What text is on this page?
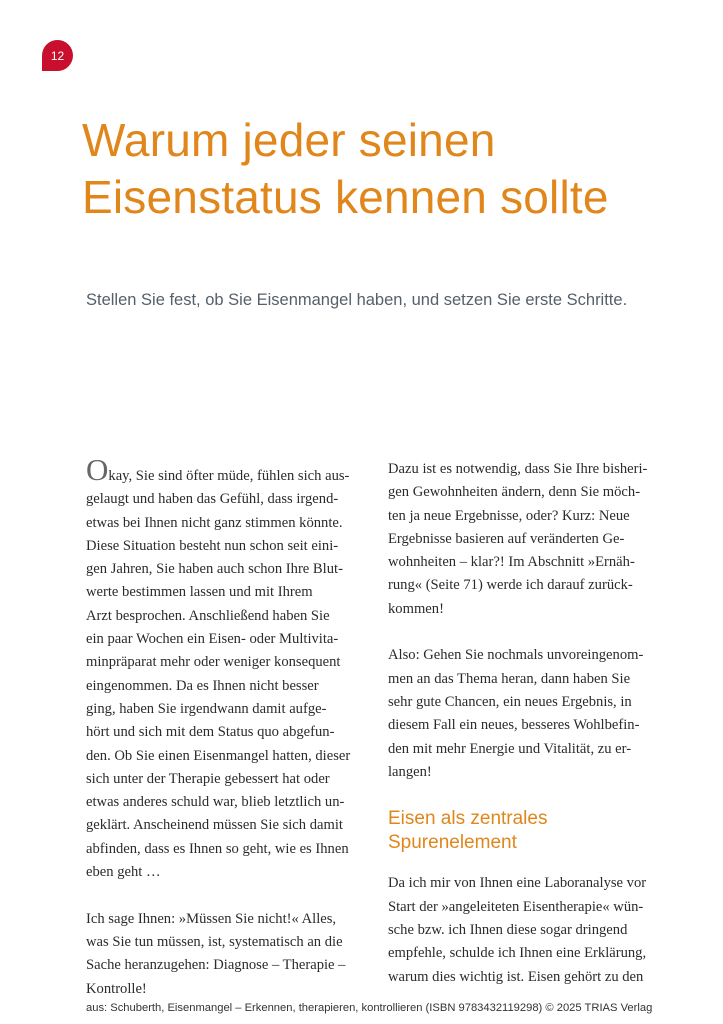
12
Warum jeder seinen
Eisenstatus kennen sollte

Stellen Sie fest, ob Sie Eisenmangel haben, und setzen Sie erste Schritte.

Okay, Sie sind öfter müde, fühlen sich aus-
gelaugt und haben das Gefühl, dass irgend-
etwas bei Ihnen nicht ganz stimmen könnte.
Diese Situation besteht nun schon seit eini-
gen Jahren, Sie haben auch schon Ihre Blut-
werte bestimmen lassen und mit Ihrem
Arzt besprochen. Anschließend haben Sie
ein paar Wochen ein Eisen- oder Multivita-
minpräparat mehr oder weniger konsequent
eingenommen. Da es Ihnen nicht besser
ging, haben Sie irgendwann damit aufge-
hört und sich mit dem Status quo abgefun-
den. Ob Sie einen Eisenmangel hatten, dieser
sich unter der Therapie gebessert hat oder
etwas anderes schuld war, blieb letztlich un-
geklärt. Anscheinend müssen Sie sich damit
abfinden, dass es Ihnen so geht, wie es Ihnen
eben geht …

Ich sage Ihnen: »Müssen Sie nicht!« Alles,
was Sie tun müssen, ist, systematisch an die
Sache heranzugehen: Diagnose – Therapie –
Kontrolle!

Dazu ist es notwendig, dass Sie Ihre bisheri-
gen Gewohnheiten ändern, denn Sie möch-
ten ja neue Ergebnisse, oder? Kurz: Neue
Ergebnisse basieren auf veränderten Ge-
wohnheiten – klar?! Im Abschnitt »Ernäh-
rung« (Seite 71) werde ich darauf zurück-
kommen!

Also: Gehen Sie nochmals unvoreingenom-
men an das Thema heran, dann haben Sie
sehr gute Chancen, ein neues Ergebnis, in
diesem Fall ein neues, besseres Wohlbefin-
den mit mehr Energie und Vitalität, zu er-
langen!

Eisen als zentrales
Spurenelement

Da ich mir von Ihnen eine Laboranalyse vor
Start der »angeleiteten Eisentherapie« wün-
sche bzw. ich Ihnen diese sogar dringend
empfehle, schulde ich Ihnen eine Erklärung,
warum dies wichtig ist. Eisen gehört zu den

aus: Schuberth, Eisenmangel – Erkennen, therapieren, kontrollieren (ISBN 9783432119298) © 2025 TRIAS Verlag
